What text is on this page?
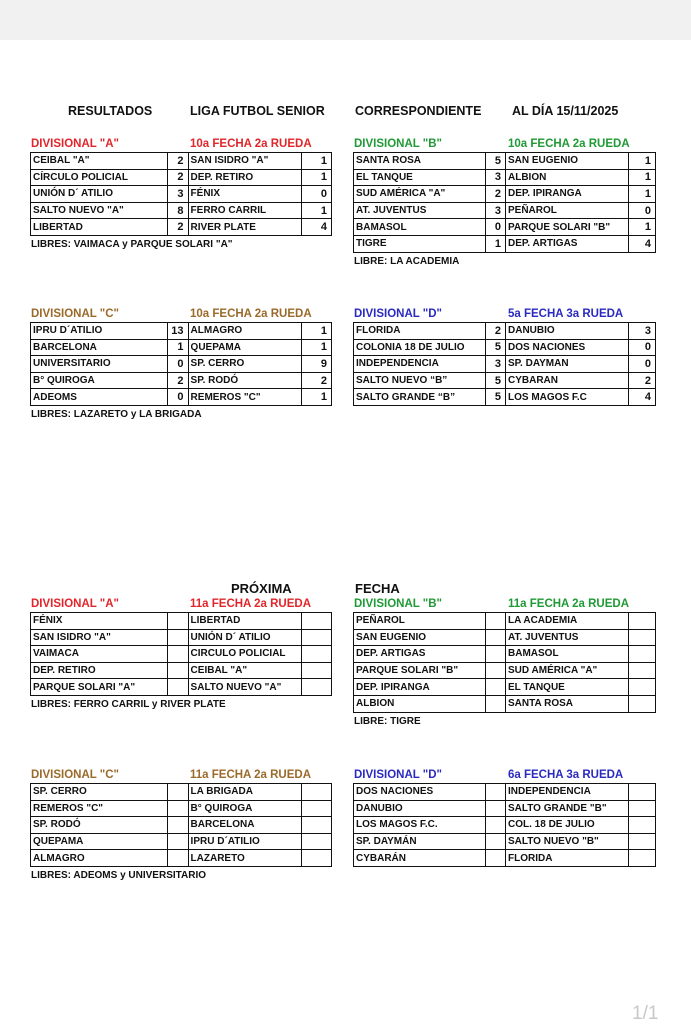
RESULTADOS	LIGA FUTBOL SENIOR CORRESPONDIENTE AL DÍA 15/11/2025
PRÓXIMA	FECHA
DIVISIONAL "A"	10a FECHA 2a RUEDA
CEIBAL "A"	2	SAN ISIDRO "A"	1
CÍRCULO POLICIAL	2	DEP. RETIRO	1
UNIÓN D´ ATILIO	3	FÉNIX	0
SALTO NUEVO "A"	8	FERRO CARRIL	1
LIBERTAD	2	RIVER PLATE	4
LIBRES: VAIMACA y PARQUE SOLARI "A"
DIVISIONAL "B"	10a FECHA 2a RUEDA
SANTA ROSA	5	SAN EUGENIO	1
EL TANQUE	3	ALBION	1
SUD AMÉRICA "A"	2	DEP. IPIRANGA	1
AT. JUVENTUS	3	PEÑAROL	0
BAMASOL	0	PARQUE SOLARI "B"	1
TIGRE	1	DEP. ARTIGAS	4
LIBRE: LA ACADEMIA
DIVISIONAL "C"	10a FECHA 2a RUEDA
IPRU D´ATILIO	13	ALMAGRO	1
BARCELONA	1	QUEPAMA	1
UNIVERSITARIO	0	SP. CERRO	9
B° QUIROGA	2	SP. RODÓ	2
ADEOMS	0	REMEROS "C"	1
LIBRES: LAZARETO y LA BRIGADA
DIVISIONAL "D"	5a FECHA 3a RUEDA
FLORIDA	2	DANUBIO	3
COLONIA 18 DE JULIO	5	DOS NACIONES	0
INDEPENDENCIA	3	SP. DAYMAN	0
SALTO NUEVO “B”	5	CYBARAN	2
SALTO GRANDE “B”	5	LOS MAGOS F.C	4
DIVISIONAL "A"	11a FECHA 2a RUEDA
FÉNIX		LIBERTAD	
SAN ISIDRO "A"		UNIÓN D´ ATILIO	
VAIMACA		CIRCULO POLICIAL	
DEP. RETIRO		CEIBAL "A"	
PARQUE SOLARI "A"		SALTO NUEVO "A"	
LIBRES: FERRO CARRIL y RIVER PLATE
DIVISIONAL "B"	11a FECHA 2a RUEDA
PEÑAROL		LA ACADEMIA	
SAN EUGENIO		AT. JUVENTUS	
DEP. ARTIGAS		BAMASOL	
PARQUE SOLARI "B"		SUD AMÉRICA "A"	
DEP. IPIRANGA		EL TANQUE	
ALBION		SANTA ROSA	
LIBRE: TIGRE
DIVISIONAL "C"	11a FECHA 2a RUEDA
SP. CERRO		LA BRIGADA	
REMEROS "C"		B° QUIROGA	
SP. RODÓ		BARCELONA	
QUEPAMA		IPRU D´ATILIO	
ALMAGRO		LAZARETO	
LIBRES: ADEOMS y UNIVERSITARIO
DIVISIONAL "D"	6a FECHA 3a RUEDA
DOS NACIONES		INDEPENDENCIA	
DANUBIO		SALTO GRANDE "B"	
LOS MAGOS F.C.		COL. 18 DE JULIO	
SP. DAYMÁN		SALTO NUEVO "B"	
CYBARÁN		FLORIDA	
1/1
